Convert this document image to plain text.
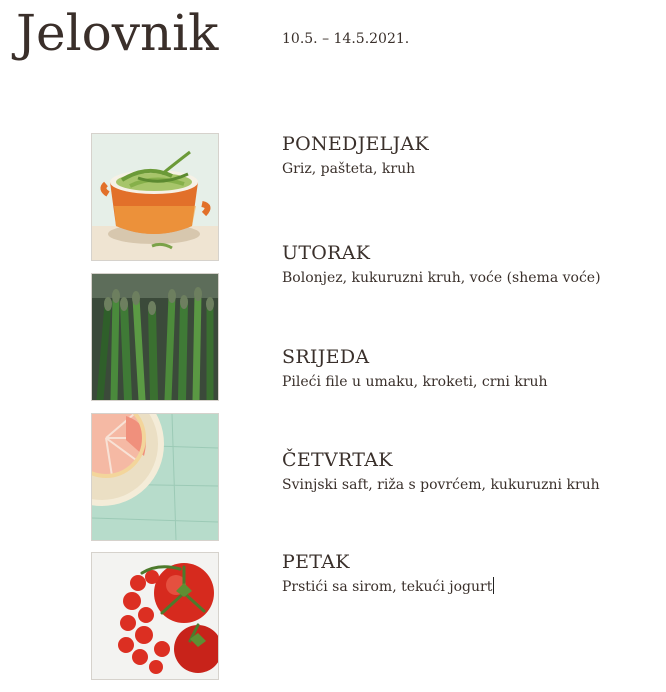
Jelovnik	10.5. – 14.5.2021.
PONEDJELJAK
Griz, pašteta, kruh
UTORAK
Bolonjez, kukuruzni kruh, voće (shema voće)
SRIJEDA
Pileći file u umaku, kroketi, crni kruh
ČETVRTAK
Svinjski saft, riža s povrćem, kukuruzni kruh
PETAK
Prstići sa sirom, tekući jogurt
